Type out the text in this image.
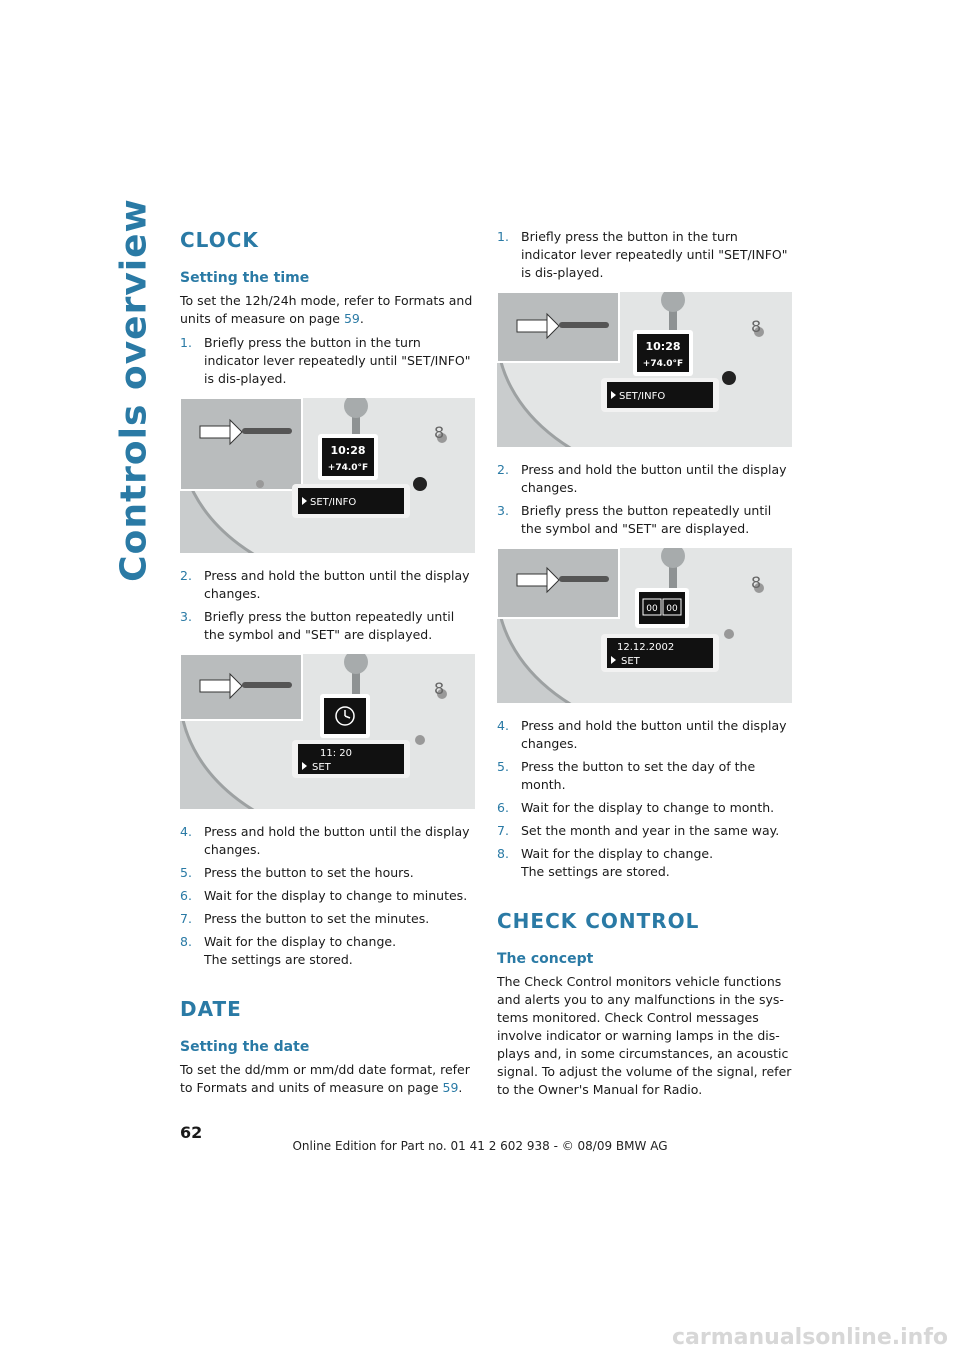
Controls overview CLOCK
Setting the time

To set the 12h/24h mode, refer to Formats and units of measure on page 59.

1. Briefly press the button in the turn indicator lever repeatedly until "SET/INFO" is dis-played.
10:28
+74.0°F
SET/INFO
8
2. Press and hold the button until the display changes.
3. Briefly press the button repeatedly until the symbol and "SET" are displayed.
11: 20
SET
8
4. Press and hold the button until the display changes.
5. Press the button to set the hours.
6. Wait for the display to change to minutes.
7. Press the button to set the minutes.
8. Wait for the display to change.
The settings are stored.
DATE
Setting the date

To set the dd/mm or mm/dd date format, refer to Formats and units of measure on page 59.

1. Briefly press the button in the turn indicator lever repeatedly until "SET/INFO" is dis-played.
10:28
+74.0°F
SET/INFO
8
2. Press and hold the button until the display changes.
3. Briefly press the button repeatedly until the symbol and "SET" are displayed.
00 00
12.12.2002
SET
8
4. Press and hold the button until the display changes.
5. Press the button to set the day of the month.
6. Wait for the display to change to month.
7. Set the month and year in the same way.
8. Wait for the display to change.
The settings are stored.
CHECK CONTROL
The concept

The Check Control monitors vehicle functions and alerts you to any malfunctions in the sys-tems monitored. Check Control messages involve indicator or warning lamps in the dis-plays and, in some circumstances, an acoustic signal. To adjust the volume of the signal, refer to the Owner's Manual for Radio.

62
Online Edition for Part no. 01 41 2 602 938 - © 08/09 BMW AG
carmanualsonline.info
